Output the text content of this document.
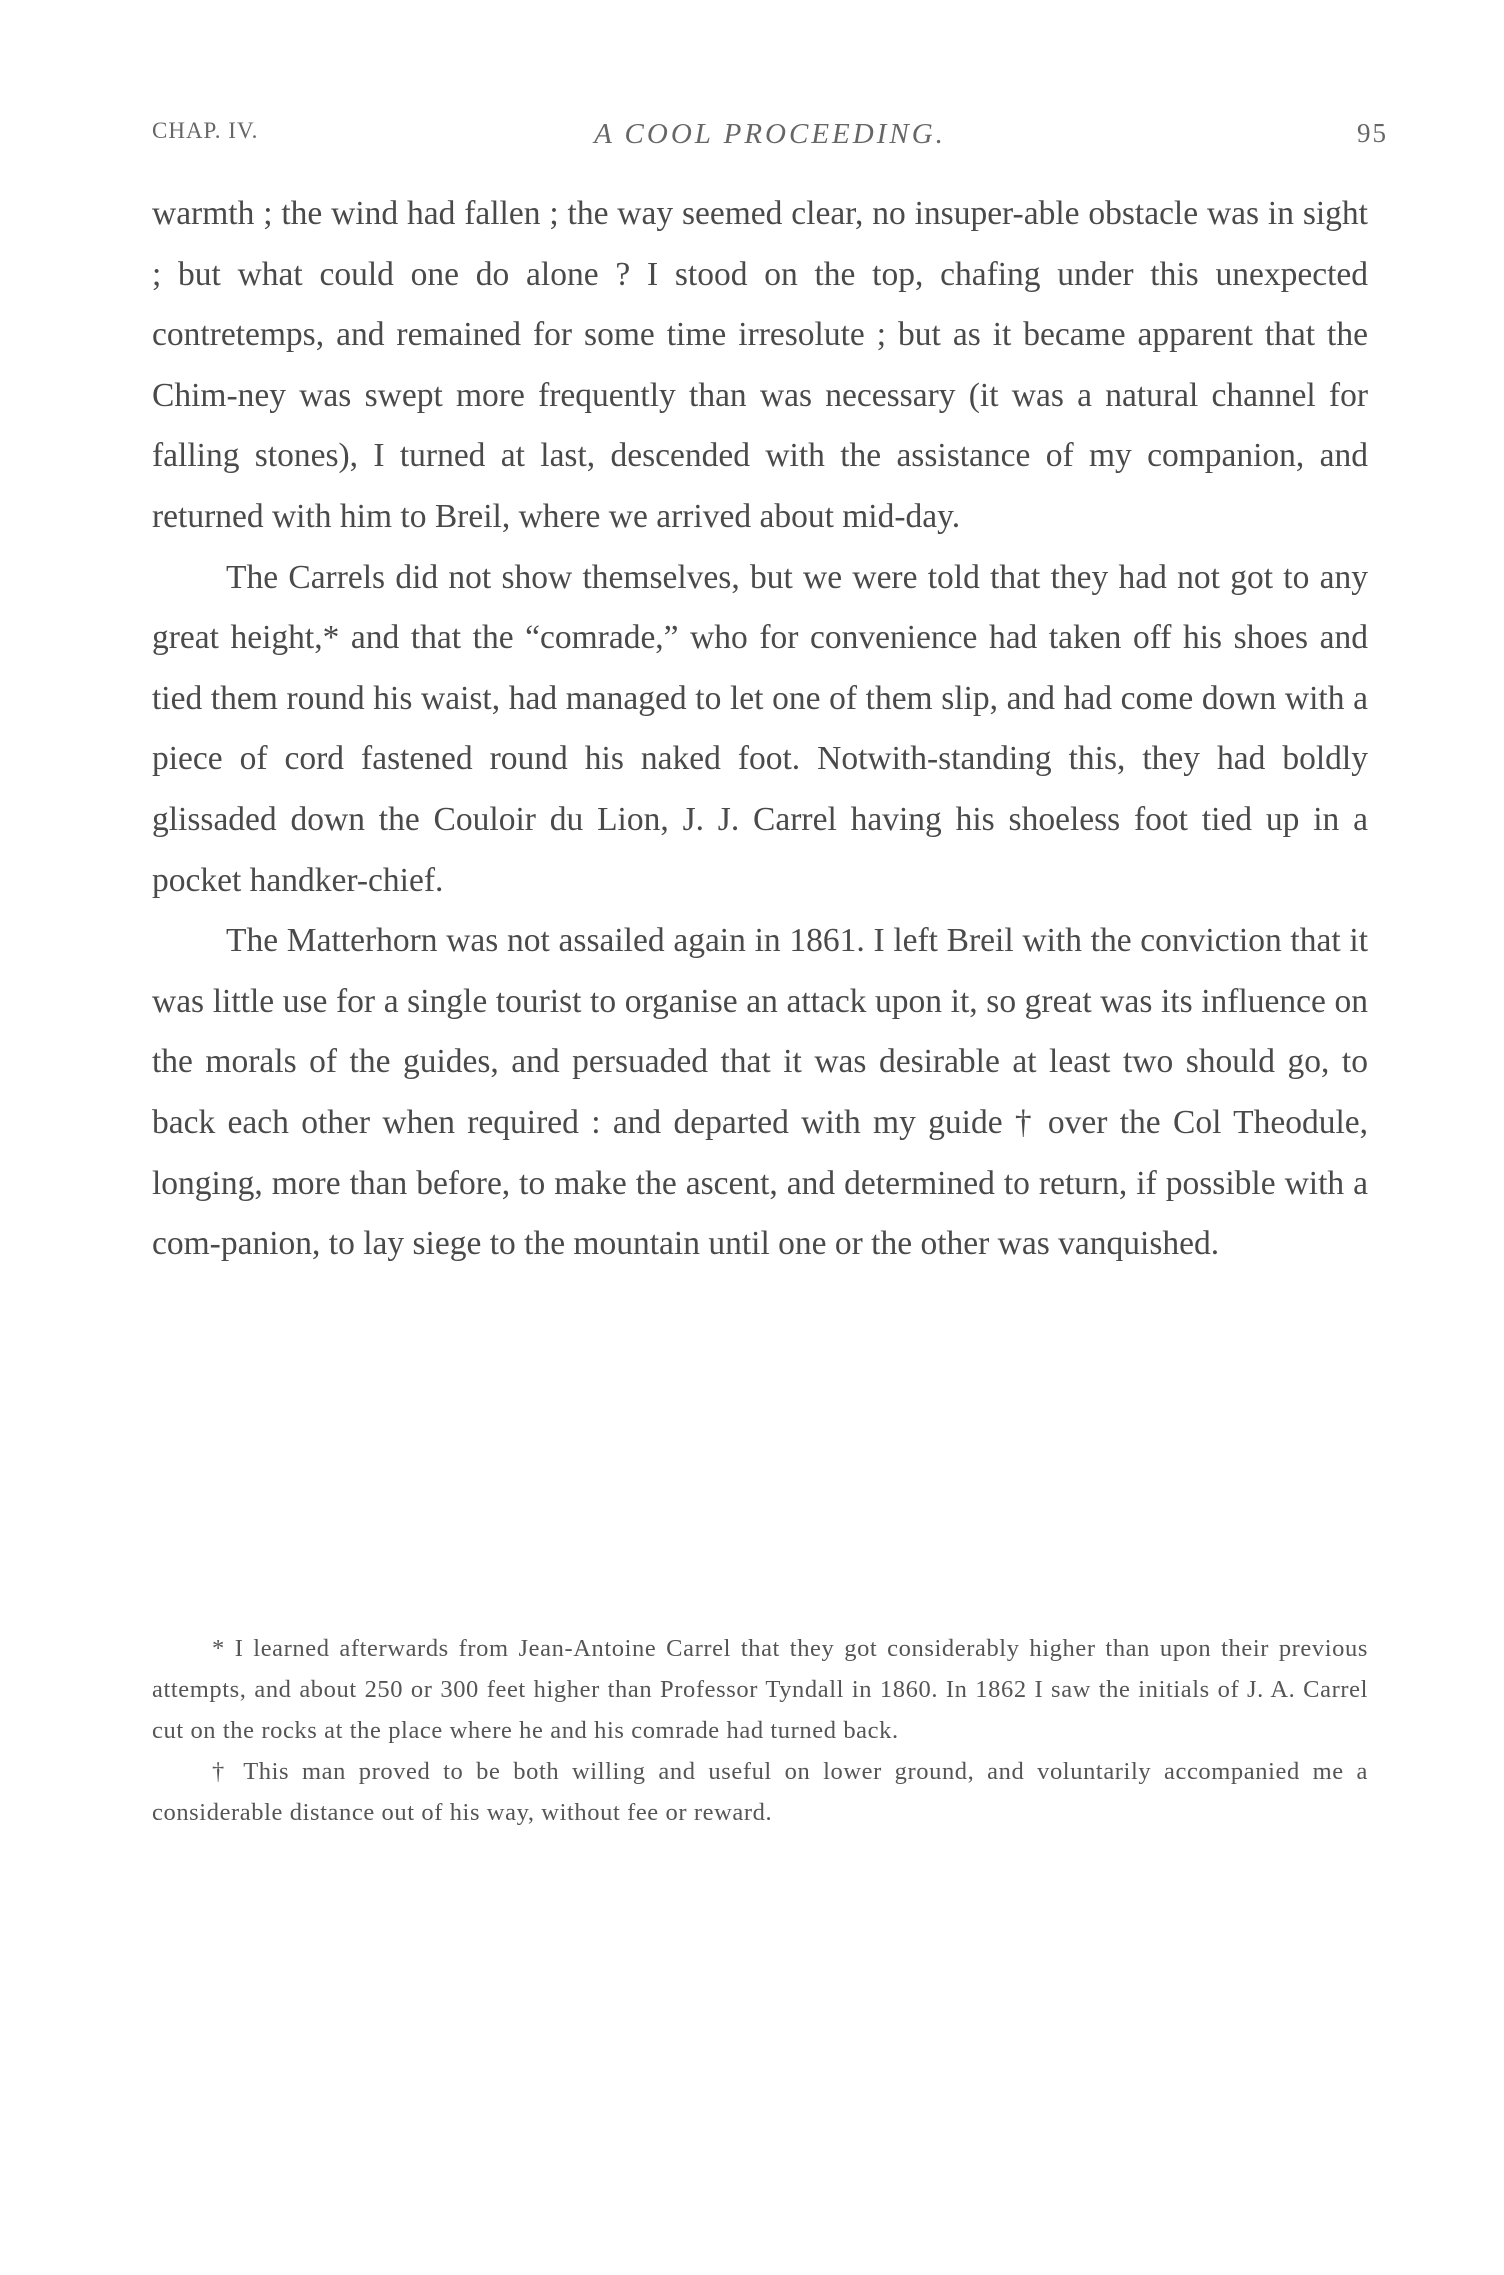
CHAP. IV.	A COOL PROCEEDING.	95

warmth ; the wind had fallen ; the way seemed clear, no insuper-able obstacle was in sight ; but what could one do alone ? I stood on the top, chafing under this unexpected contretemps, and remained for some time irresolute ; but as it became apparent that the Chim-ney was swept more frequently than was necessary (it was a natural channel for falling stones), I turned at last, descended with the assistance of my companion, and returned with him to Breil, where we arrived about mid-day.

The Carrels did not show themselves, but we were told that they had not got to any great height,* and that the “comrade,” who for convenience had taken off his shoes and tied them round his waist, had managed to let one of them slip, and had come down with a piece of cord fastened round his naked foot. Notwith-standing this, they had boldly glissaded down the Couloir du Lion, J. J. Carrel having his shoeless foot tied up in a pocket handker-chief.

The Matterhorn was not assailed again in 1861. I left Breil with the conviction that it was little use for a single tourist to organise an attack upon it, so great was its influence on the morals of the guides, and persuaded that it was desirable at least two should go, to back each other when required : and departed with my guide † over the Col Theodule, longing, more than before, to make the ascent, and determined to return, if possible with a com-panion, to lay siege to the mountain until one or the other was vanquished.

* I learned afterwards from Jean-Antoine Carrel that they got considerably higher than upon their previous attempts, and about 250 or 300 feet higher than Professor Tyndall in 1860. In 1862 I saw the initials of J. A. Carrel cut on the rocks at the place where he and his comrade had turned back.

† This man proved to be both willing and useful on lower ground, and voluntarily accompanied me a considerable distance out of his way, without fee or reward.
